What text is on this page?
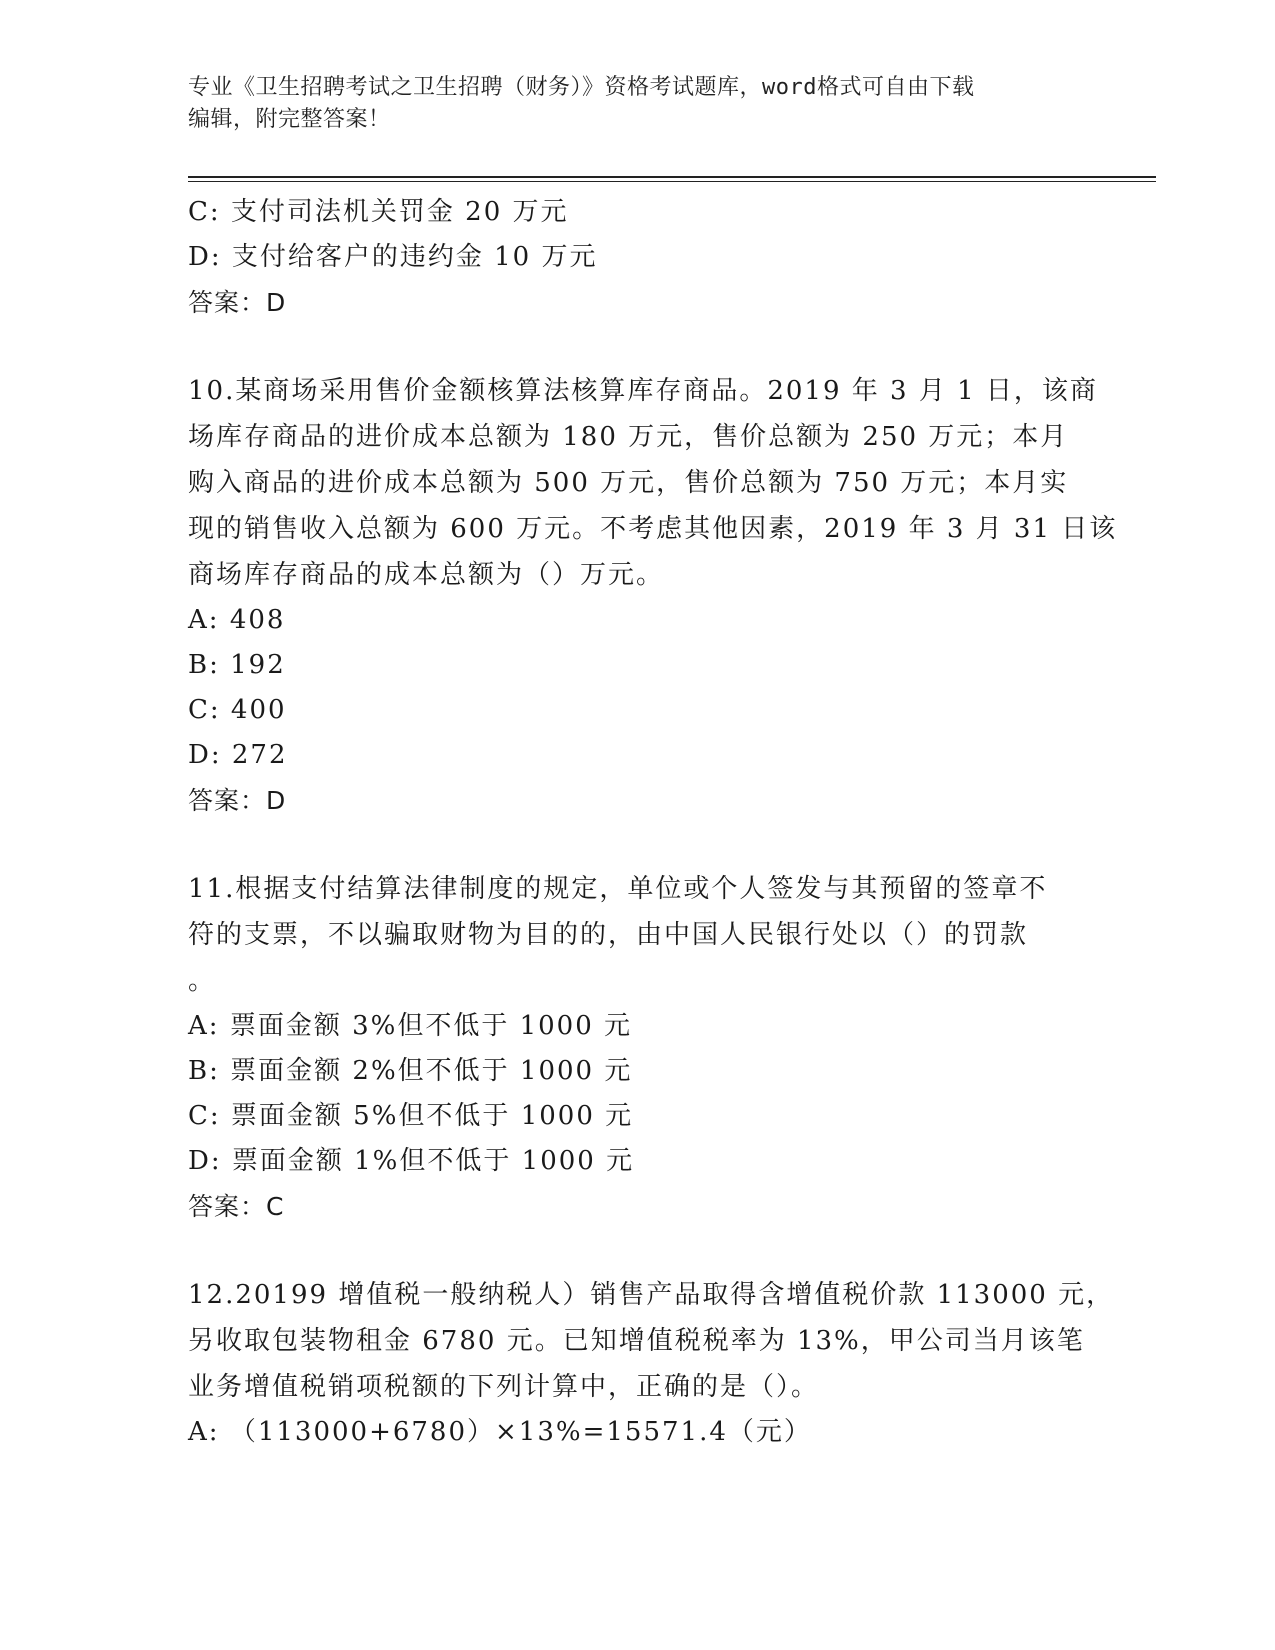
专业《卫生招聘考试之卫生招聘（财务）》资格考试题库，word格式可自由下载
编辑，附完整答案！
C: 支付司法机关罚金 20 万元
D: 支付给客户的违约金 10 万元
答案：D
10.某商场采用售价金额核算法核算库存商品。2019 年 3 月 1 日，该商
场库存商品的进价成本总额为 180 万元，售价总额为 250 万元；本月
购入商品的进价成本总额为 500 万元，售价总额为 750 万元；本月实
现的销售收入总额为 600 万元。不考虑其他因素，2019 年 3 月 31 日该
商场库存商品的成本总额为（）万元。
A: 408
B: 192
C: 400
D: 272
答案：D
11.根据支付结算法律制度的规定，单位或个人签发与其预留的签章不
符的支票，不以骗取财物为目的的，由中国人民银行处以（）的罚款
。
A: 票面金额 3%但不低于 1000 元
B: 票面金额 2%但不低于 1000 元
C: 票面金额 5%但不低于 1000 元
D: 票面金额 1%但不低于 1000 元
答案：C
12.20199 增值税一般纳税人）销售产品取得含增值税价款 113000 元，
另收取包装物租金 6780 元。已知增值税税率为 13%，甲公司当月该笔
业务增值税销项税额的下列计算中，正确的是（）。
A: （113000+6780）×13%=15571.4（元）
